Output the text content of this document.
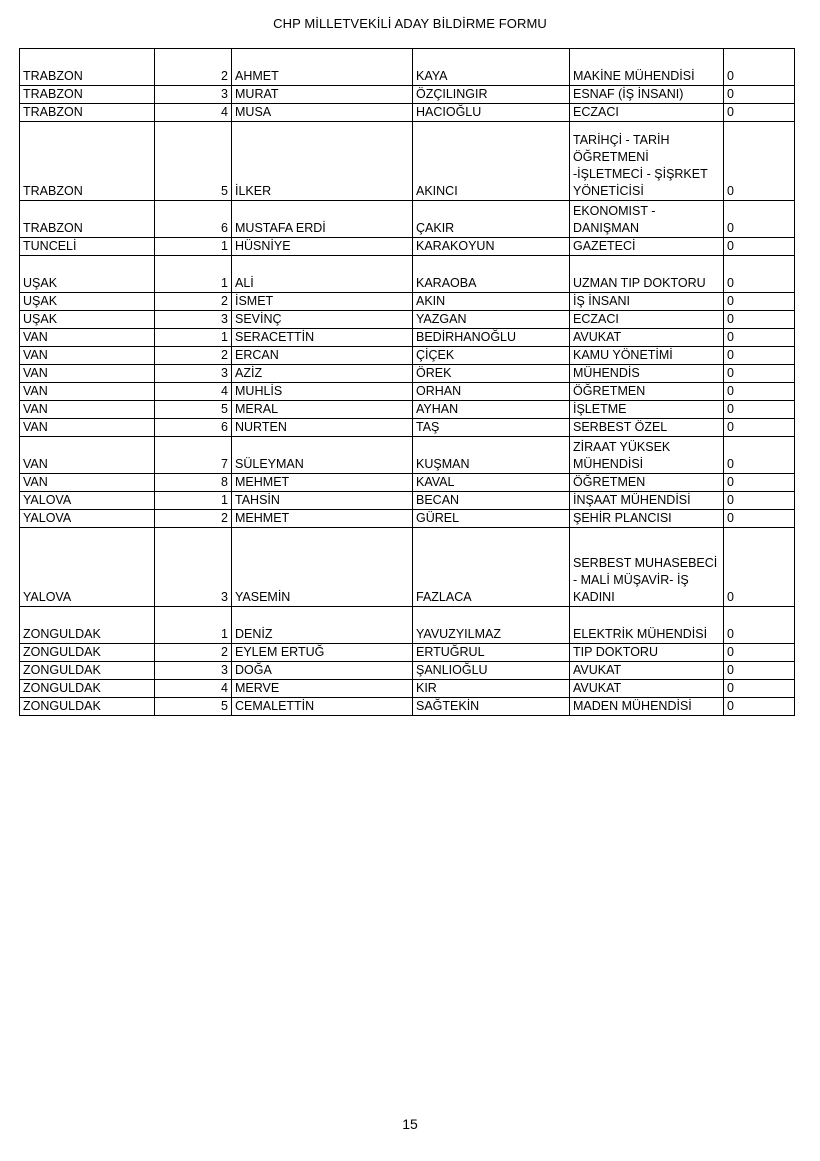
CHP MİLLETVEKİLİ ADAY BİLDİRME FORMU
TRABZON	2	AHMET	KAYA	MAKİNE MÜHENDİSİ	0
TRABZON	3	MURAT	ÖZÇILINGIR	ESNAF (İŞ İNSANI)	0
TRABZON	4	MUSA	HACIOĞLU	ECZACI	0
TRABZON	5	İLKER	AKINCI	TARİHÇİ - TARİH ÖĞRETMENİ -İŞLETMECİ - ŞİŞRKET YÖNETİCİSİ	0
TRABZON	6	MUSTAFA ERDİ	ÇAKIR	EKONOMIST - DANIŞMAN	0
TUNCELİ	1	HÜSNİYE	KARAKOYUN	GAZETECİ	0
UŞAK	1	ALİ	KARAOBA	UZMAN TIP DOKTORU	0
UŞAK	2	İSMET	AKIN	İŞ İNSANI	0
UŞAK	3	SEVİNÇ	YAZGAN	ECZACI	0
VAN	1	SERACETTİN	BEDİRHANOĞLU	AVUKAT	0
VAN	2	ERCAN	ÇİÇEK	KAMU YÖNETİMİ	0
VAN	3	AZİZ	ÖREK	MÜHENDİS	0
VAN	4	MUHLİS	ORHAN	ÖĞRETMEN	0
VAN	5	MERAL	AYHAN	İŞLETME	0
VAN	6	NURTEN	TAŞ	SERBEST ÖZEL	0
VAN	7	SÜLEYMAN	KUŞMAN	ZİRAAT YÜKSEK MÜHENDİSİ	0
VAN	8	MEHMET	KAVAL	ÖĞRETMEN	0
YALOVA	1	TAHSİN	BECAN	İNŞAAT MÜHENDİSİ	0
YALOVA	2	MEHMET	GÜREL	ŞEHİR PLANCISI	0
YALOVA	3	YASEMİN	FAZLACA	SERBEST MUHASEBECİ - MALİ MÜŞAVİR- İŞ KADINI	0
ZONGULDAK	1	DENİZ	YAVUZYILMAZ	ELEKTRİK MÜHENDİSİ	0
ZONGULDAK	2	EYLEM ERTUĞ	ERTUĞRUL	TIP DOKTORU	0
ZONGULDAK	3	DOĞA	ŞANLIOĞLU	AVUKAT	0
ZONGULDAK	4	MERVE	KIR	AVUKAT	0
ZONGULDAK	5	CEMALETTİN	SAĞTEKİN	MADEN MÜHENDİSİ	0
15
